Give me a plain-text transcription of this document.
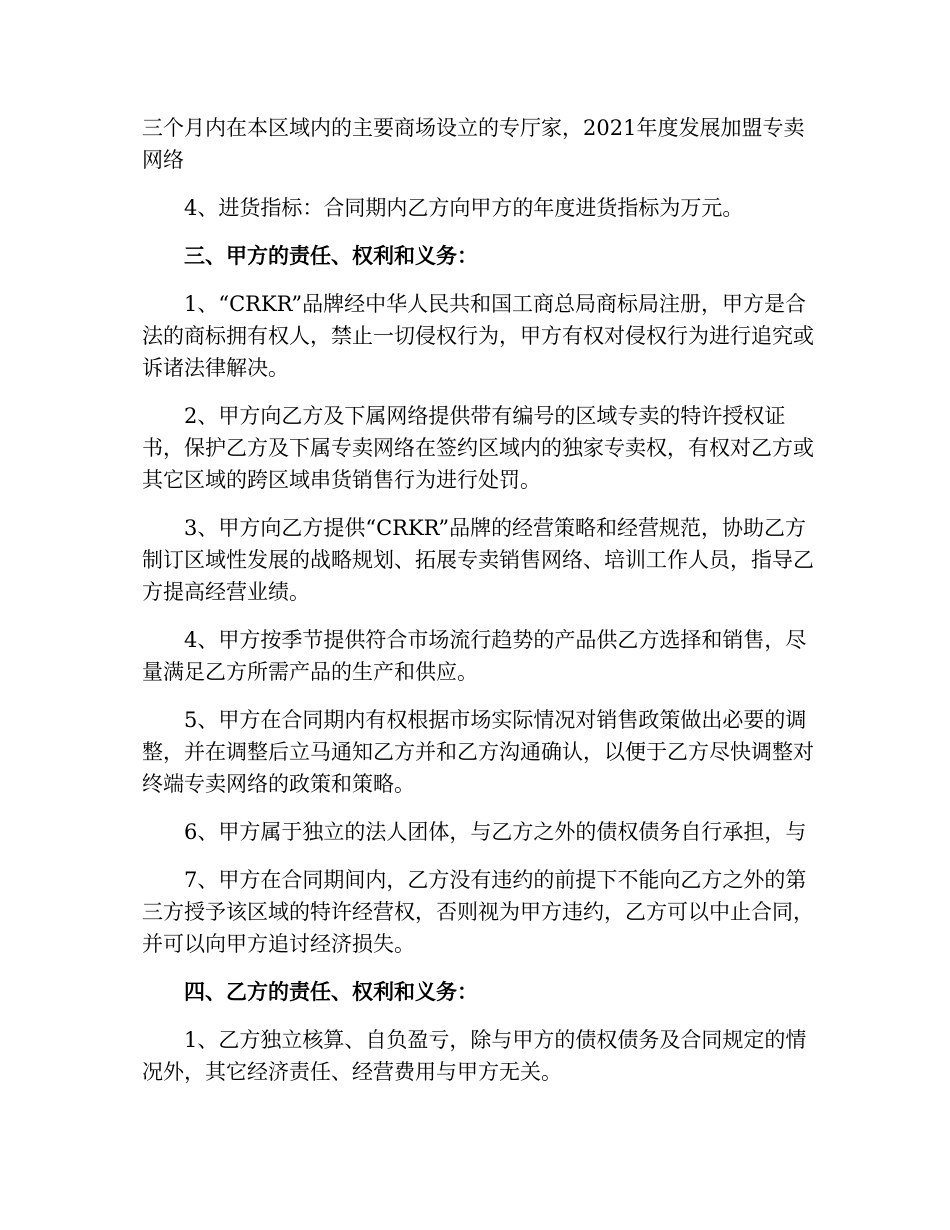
三个月内在本区域内的主要商场设立的专厅家，2021年度发展加盟专卖网络

4、进货指标：合同期内乙方向甲方的年度进货指标为万元。

三、甲方的责任、权利和义务：

1、“CRKR”品牌经中华人民共和国工商总局商标局注册，甲方是合法的商标拥有权人，禁止一切侵权行为，甲方有权对侵权行为进行追究或诉诸法律解决。

2、甲方向乙方及下属网络提供带有编号的区域专卖的特许授权证书，保护乙方及下属专卖网络在签约区域内的独家专卖权，有权对乙方或其它区域的跨区域串货销售行为进行处罚。

3、甲方向乙方提供“CRKR”品牌的经营策略和经营规范，协助乙方制订区域性发展的战略规划、拓展专卖销售网络、培训工作人员，指导乙方提高经营业绩。

4、甲方按季节提供符合市场流行趋势的产品供乙方选择和销售，尽量满足乙方所需产品的生产和供应。

5、甲方在合同期内有权根据市场实际情况对销售政策做出必要的调整，并在调整后立马通知乙方并和乙方沟通确认，以便于乙方尽快调整对终端专卖网络的政策和策略。

6、甲方属于独立的法人团体，与乙方之外的债权债务自行承担，与

7、甲方在合同期间内，乙方没有违约的前提下不能向乙方之外的第三方授予该区域的特许经营权，否则视为甲方违约，乙方可以中止合同，并可以向甲方追讨经济损失。

四、乙方的责任、权利和义务：

1、乙方独立核算、自负盈亏，除与甲方的债权债务及合同规定的情况外，其它经济责任、经营费用与甲方无关。
